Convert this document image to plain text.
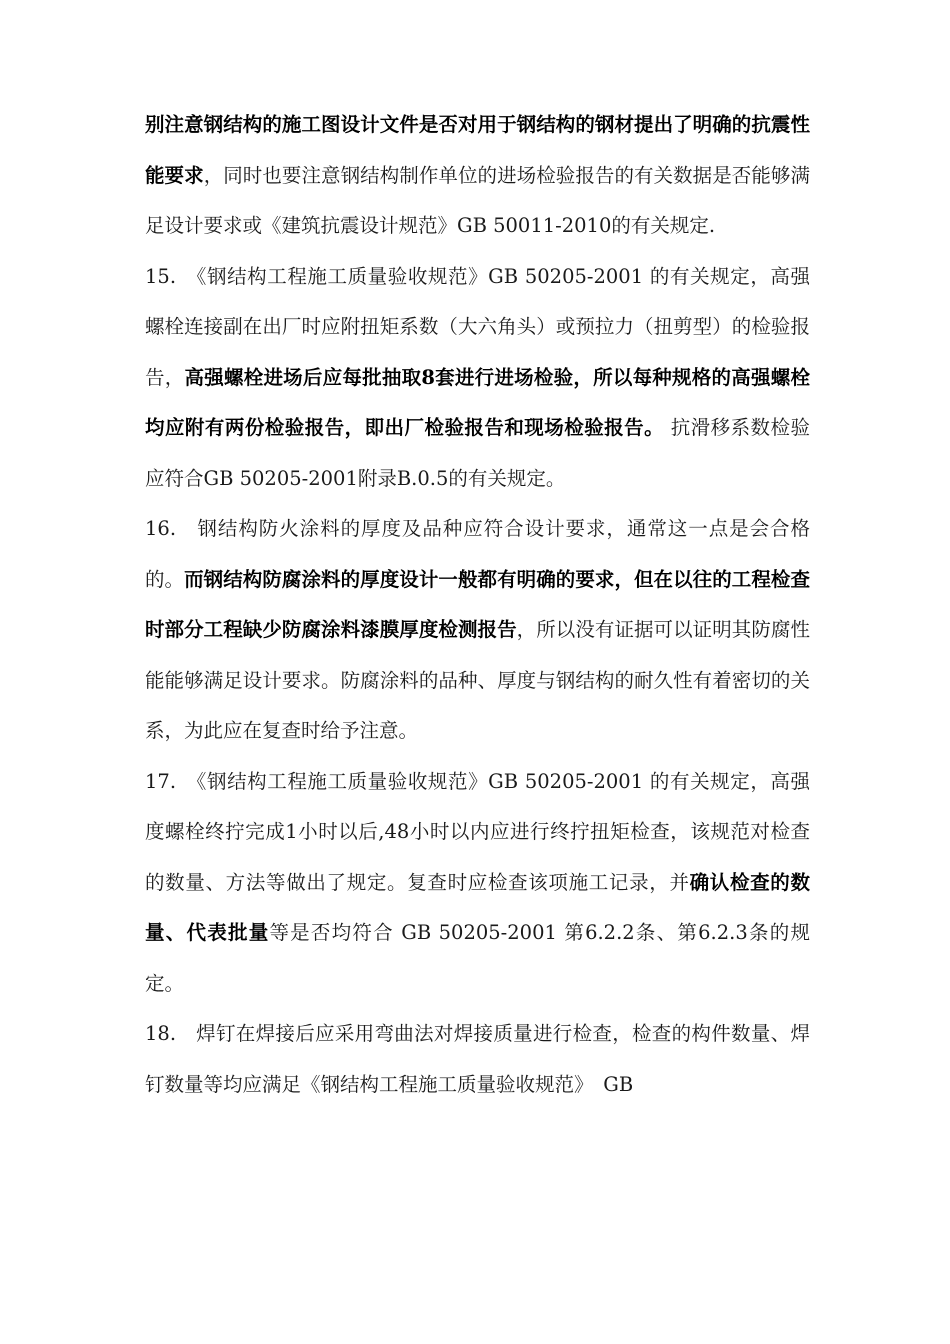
别注意钢结构的施工图设计文件是否对用于钢结构的钢材提出了明确的抗震性能要求，同时也要注意钢结构制作单位的进场检验报告的有关数据是否能够满足设计要求或《建筑抗震设计规范》GB 50011-2010的有关规定.

15.　《钢结构工程施工质量验收规范》GB 50205-2001 的有关规定，高强螺栓连接副在出厂时应附扭矩系数（大六角头）或预拉力（扭剪型）的检验报告，高强螺栓进场后应每批抽取8套进行进场检验，所以每种规格的高强螺栓均应附有两份检验报告，即出厂检验报告和现场检验报告。 抗滑移系数检验应符合GB 50205-2001附录B.0.5的有关规定。

16.　钢结构防火涂料的厚度及品种应符合设计要求，通常这一点是会合格的。而钢结构防腐涂料的厚度设计一般都有明确的要求，但在以往的工程检查时部分工程缺少防腐涂料漆膜厚度检测报告，所以没有证据可以证明其防腐性能能够满足设计要求。防腐涂料的品种、厚度与钢结构的耐久性有着密切的关系，为此应在复查时给予注意。

17.　《钢结构工程施工质量验收规范》GB 50205-2001 的有关规定，高强度螺栓终拧完成1小时以后,48小时以内应进行终拧扭矩检查，该规范对检查的数量、方法等做出了规定。复查时应检查该项施工记录，并确认检查的数量、代表批量等是否均符合 GB 50205-2001 第6.2.2条、第6.2.3条的规定。

18.　焊钉在焊接后应采用弯曲法对焊接质量进行检查，检查的构件数量、焊钉数量等均应满足《钢结构工程施工质量验收规范》　GB
